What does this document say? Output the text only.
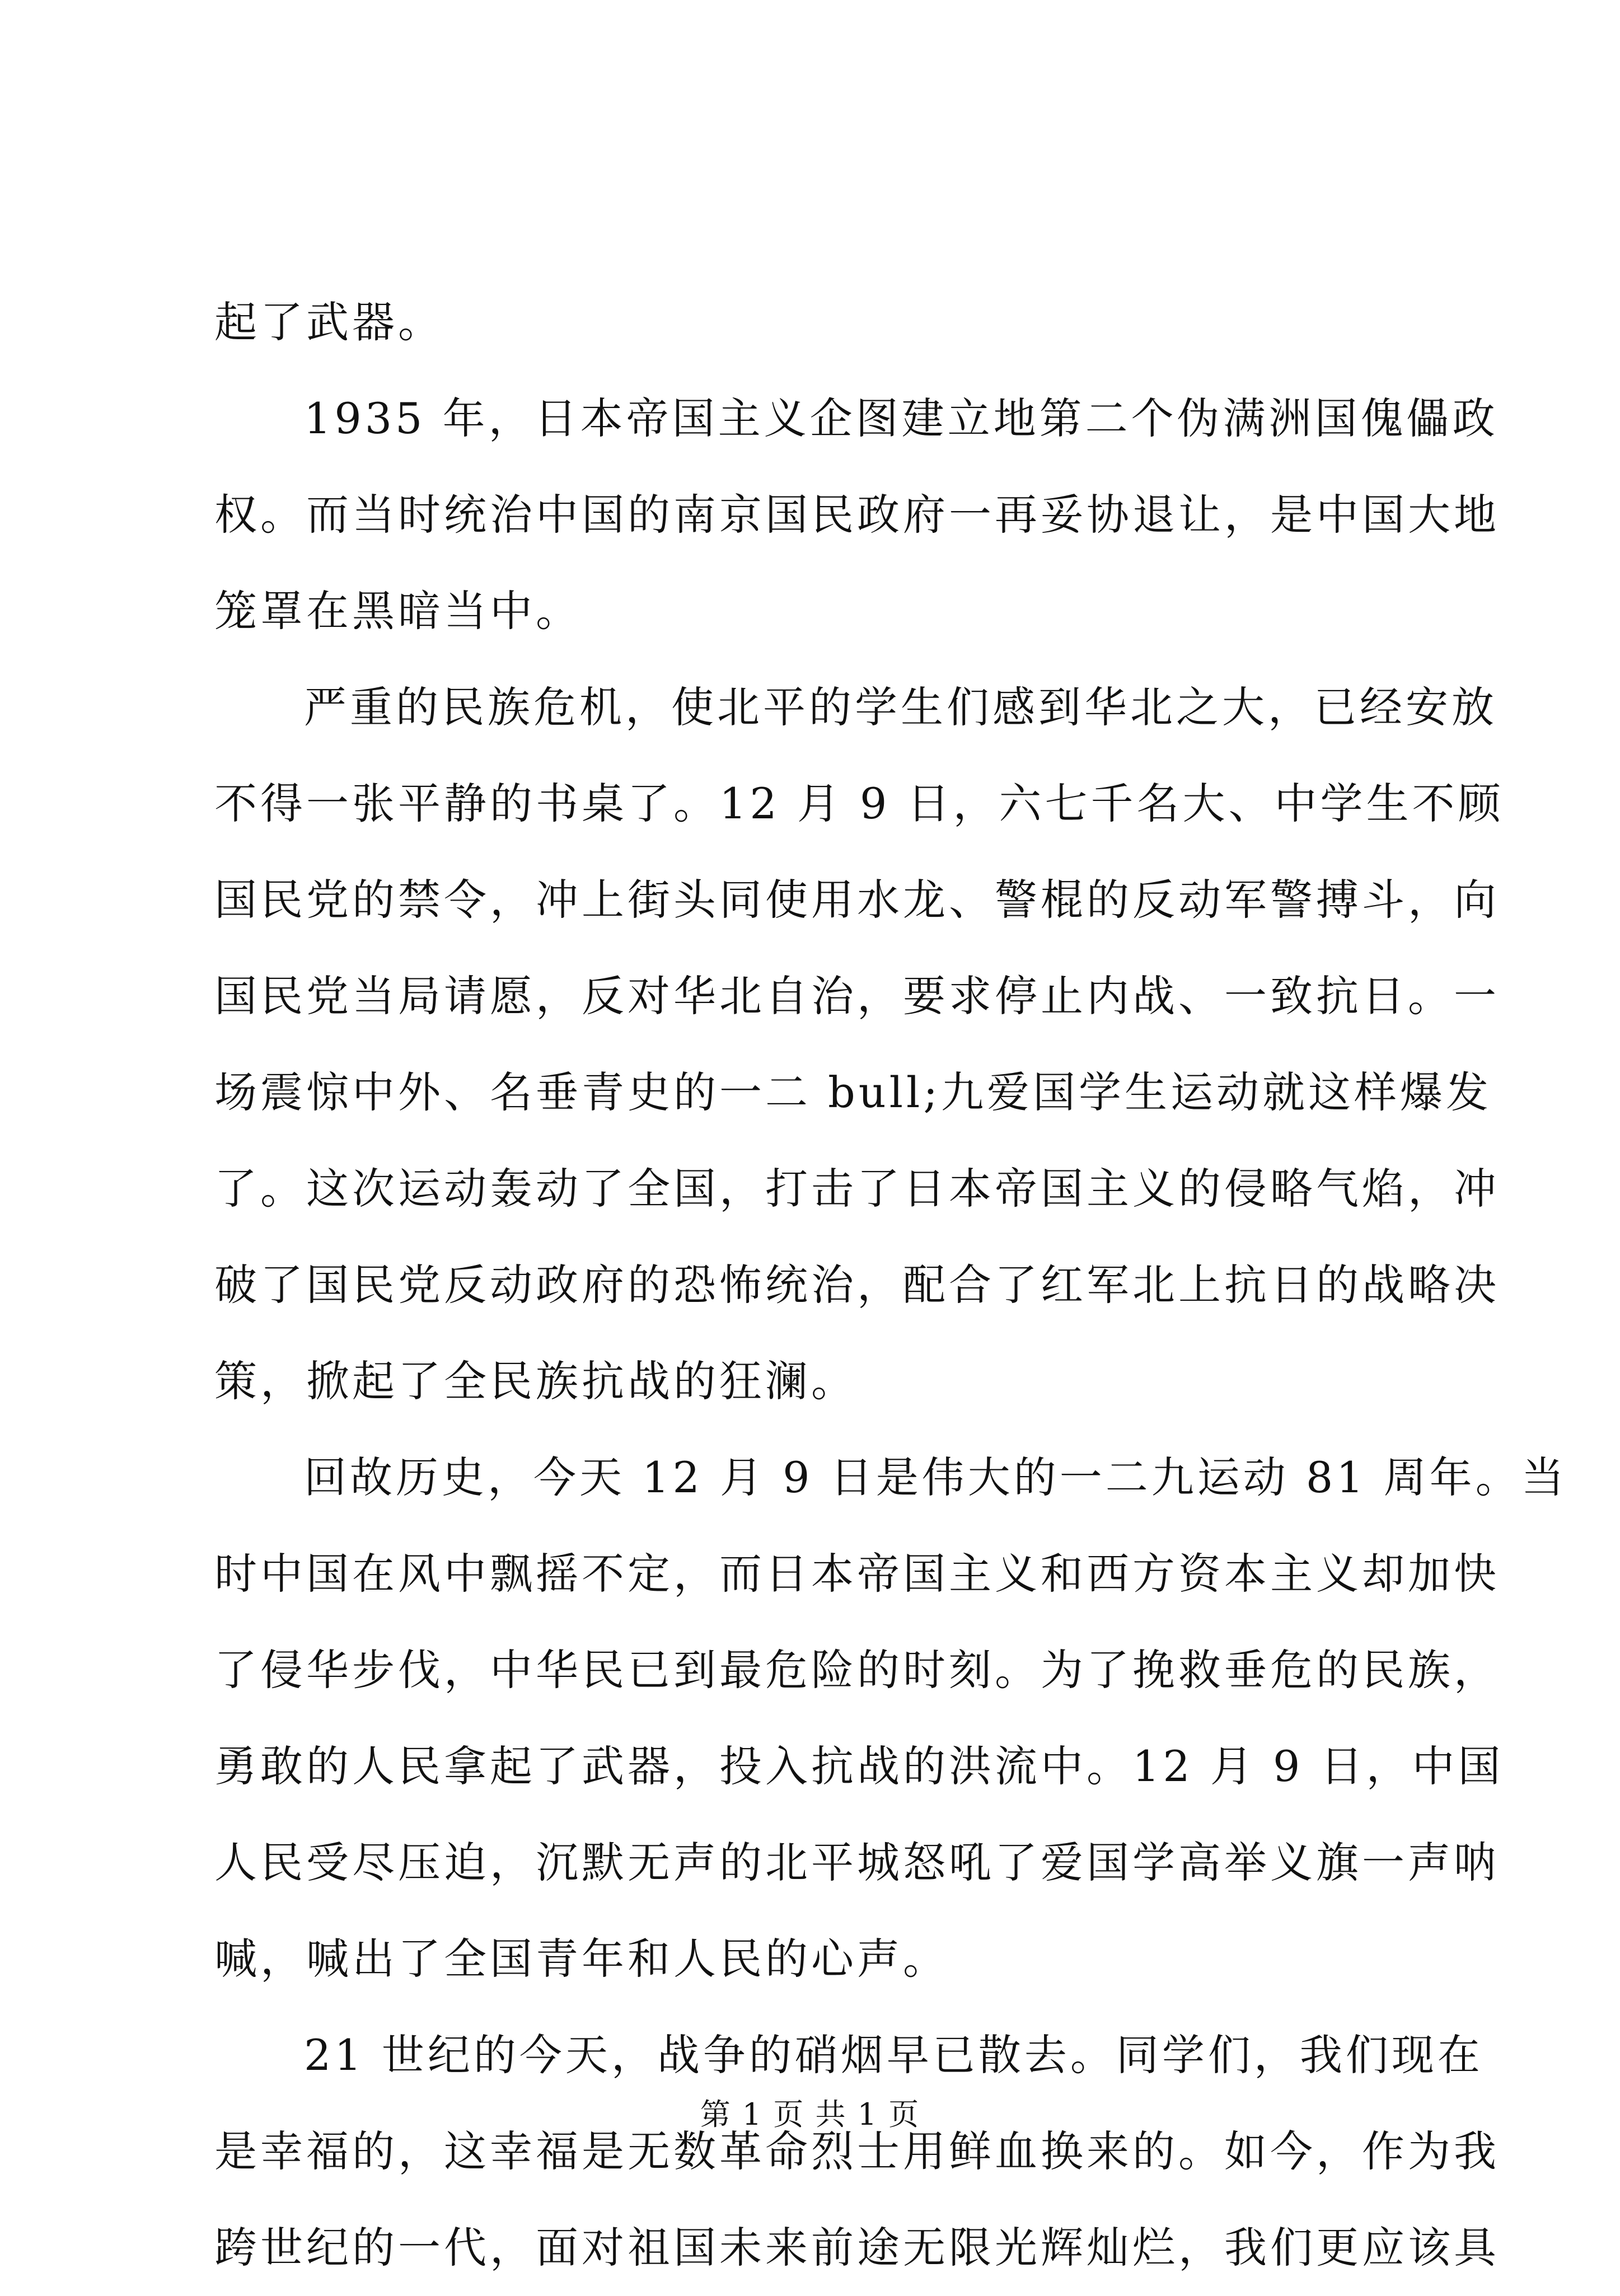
起了武器。
1935 年，日本帝国主义企图建立地第二个伪满洲国傀儡政
权。而当时统治中国的南京国民政府一再妥协退让，是中国大地
笼罩在黑暗当中。
严重的民族危机，使北平的学生们感到华北之大，已经安放
不得一张平静的书桌了。12 月 9 日，六七千名大、中学生不顾
国民党的禁令，冲上街头同使用水龙、警棍的反动军警搏斗，向
国民党当局请愿，反对华北自治，要求停止内战、一致抗日。一
场震惊中外、名垂青史的一二 bull;九爱国学生运动就这样爆发
了。这次运动轰动了全国，打击了日本帝国主义的侵略气焰，冲
破了国民党反动政府的恐怖统治，配合了红军北上抗日的战略决
策，掀起了全民族抗战的狂澜。
回故历史，今天 12 月 9 日是伟大的一二九运动 81 周年。当
时中国在风中飘摇不定，而日本帝国主义和西方资本主义却加快
了侵华步伐，中华民已到最危险的时刻。为了挽救垂危的民族，
勇敢的人民拿起了武器，投入抗战的洪流中。12 月 9 日，中国
人民受尽压迫，沉默无声的北平城怒吼了爱国学高举义旗一声呐
喊，喊出了全国青年和人民的心声。
21 世纪的今天，战争的硝烟早已散去。同学们，我们现在
是幸福的，这幸福是无数革命烈士用鲜血换来的。如今，作为我
跨世纪的一代，面对祖国未来前途无限光辉灿烂，我们更应该具
第 1 页 共 1 页
